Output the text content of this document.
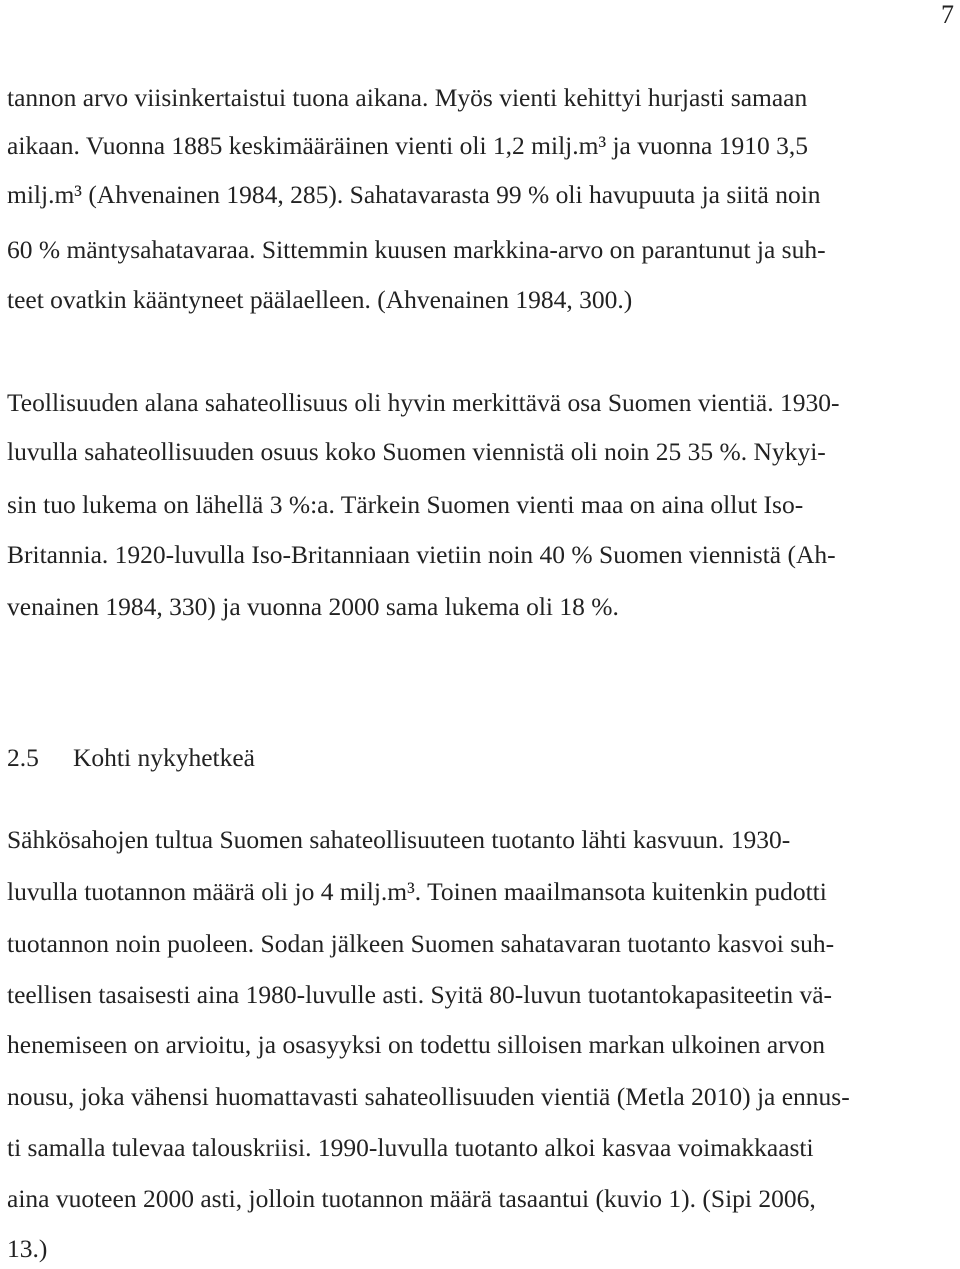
7
tannon arvo viisinkertaistui tuona aikana. Myös vienti kehittyi hurjasti samaan
aikaan. Vuonna 1885 keskimääräinen vienti oli 1,2 milj.m³ ja vuonna 1910 3,5
milj.m³ (Ahvenainen 1984, 285). Sahatavarasta 99 % oli havupuuta ja siitä noin
60 % mäntysahatavaraa. Sittemmin kuusen markkina-arvo on parantunut ja suh-
teet ovatkin kääntyneet päälaelleen. (Ahvenainen 1984, 300.)
Teollisuuden alana sahateollisuus oli hyvin merkittävä osa Suomen vientiä. 1930-
luvulla sahateollisuuden osuus koko Suomen viennistä oli noin 25 35 %. Nykyi-
sin tuo lukema on lähellä 3 %:a. Tärkein Suomen vienti maa on aina ollut Iso-
Britannia. 1920-luvulla Iso-Britanniaan vietiin noin 40 % Suomen viennistä (Ah-
venainen 1984, 330) ja vuonna 2000 sama lukema oli 18 %.
2.5 Kohti nykyhetkeä
Sähkösahojen tultua Suomen sahateollisuuteen tuotanto lähti kasvuun. 1930-
luvulla tuotannon määrä oli jo 4 milj.m³. Toinen maailmansota kuitenkin pudotti
tuotannon noin puoleen. Sodan jälkeen Suomen sahatavaran tuotanto kasvoi suh-
teellisen tasaisesti aina 1980-luvulle asti. Syitä 80-luvun tuotantokapasiteetin vä-
henemiseen on arvioitu, ja osasyyksi on todettu silloisen markan ulkoinen arvon
nousu, joka vähensi huomattavasti sahateollisuuden vientiä (Metla 2010) ja ennus-
ti samalla tulevaa talouskriisi. 1990-luvulla tuotanto alkoi kasvaa voimakkaasti
aina vuoteen 2000 asti, jolloin tuotannon määrä tasaantui (kuvio 1). (Sipi 2006,
13.)
